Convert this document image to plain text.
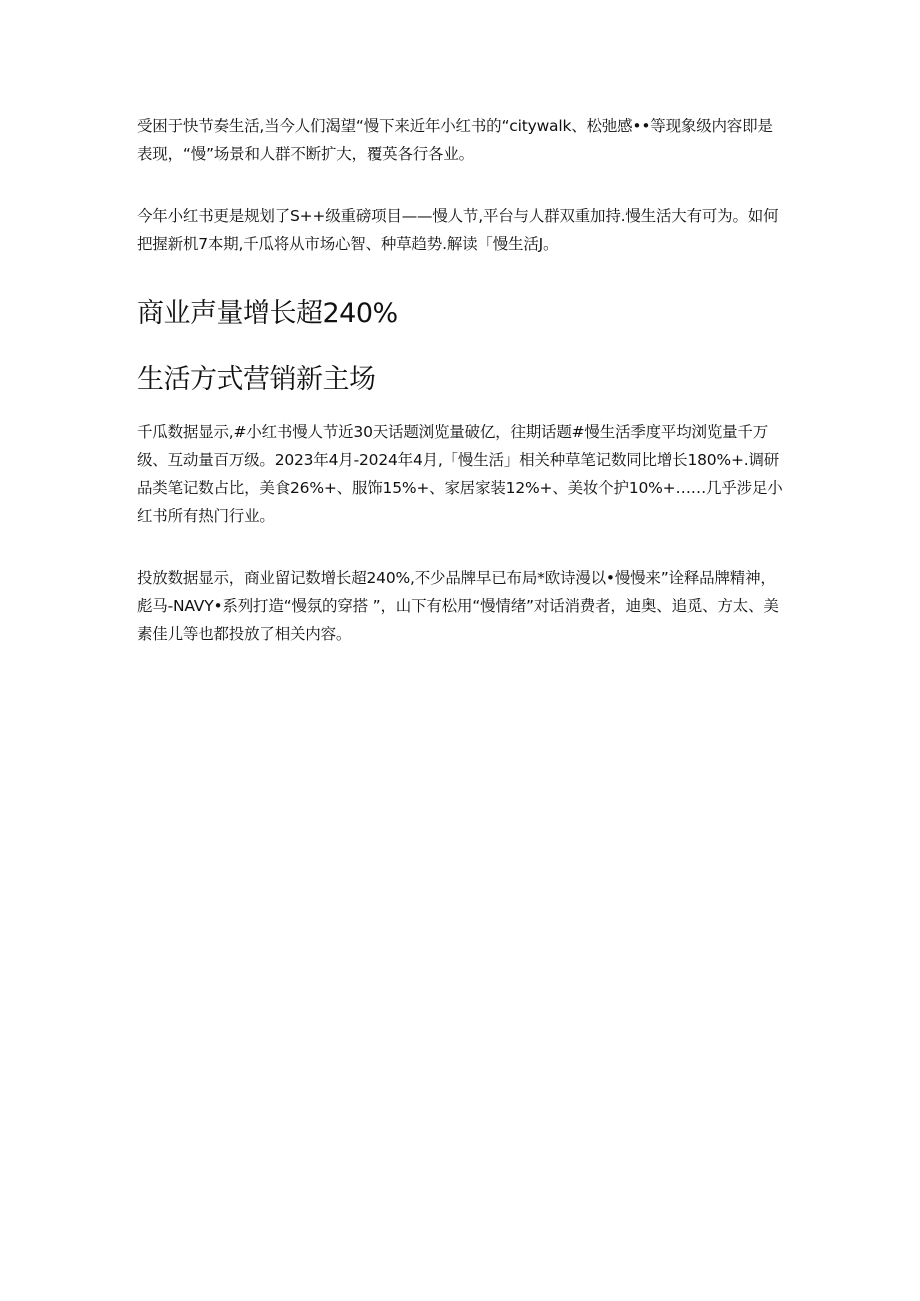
受困于快节奏生活,当今人们渴望“慢下来近年小红书的“citywalk、松弛感••等现象级内容即是表现，“慢”场景和人群不断扩大，覆英各行各业。

今年小红书更是规划了S++级重磅项目——慢人节,平台与人群双重加持.慢生活大有可为。如何把握新机7本期,千瓜将从市场心智、种草趋势.解读「慢生活J。

商业声量增长超240%
生活方式营销新主场

千瓜数据显示,#小红书慢人节近30天话题浏览量破亿，往期话题#慢生活季度平均浏览量千万级、互动量百万级。2023年4月-2024年4月,「慢生活」相关种草笔记数同比增长180%+.调研品类笔记数占比，美食26%+、服饰15%+、家居家装12%+、美妆个护10%+……几乎涉足小红书所有热门行业。

投放数据显示，商业留记数增长超240%,不少品牌早已布局*欧诗漫以•慢慢来”诠释品牌精神，彪马-NAVY•系列打造“慢氛的穿搭 ”，山下有松用“慢情绪”对话消费者，迪奥、追觅、方太、美素佳儿等也都投放了相关内容。
